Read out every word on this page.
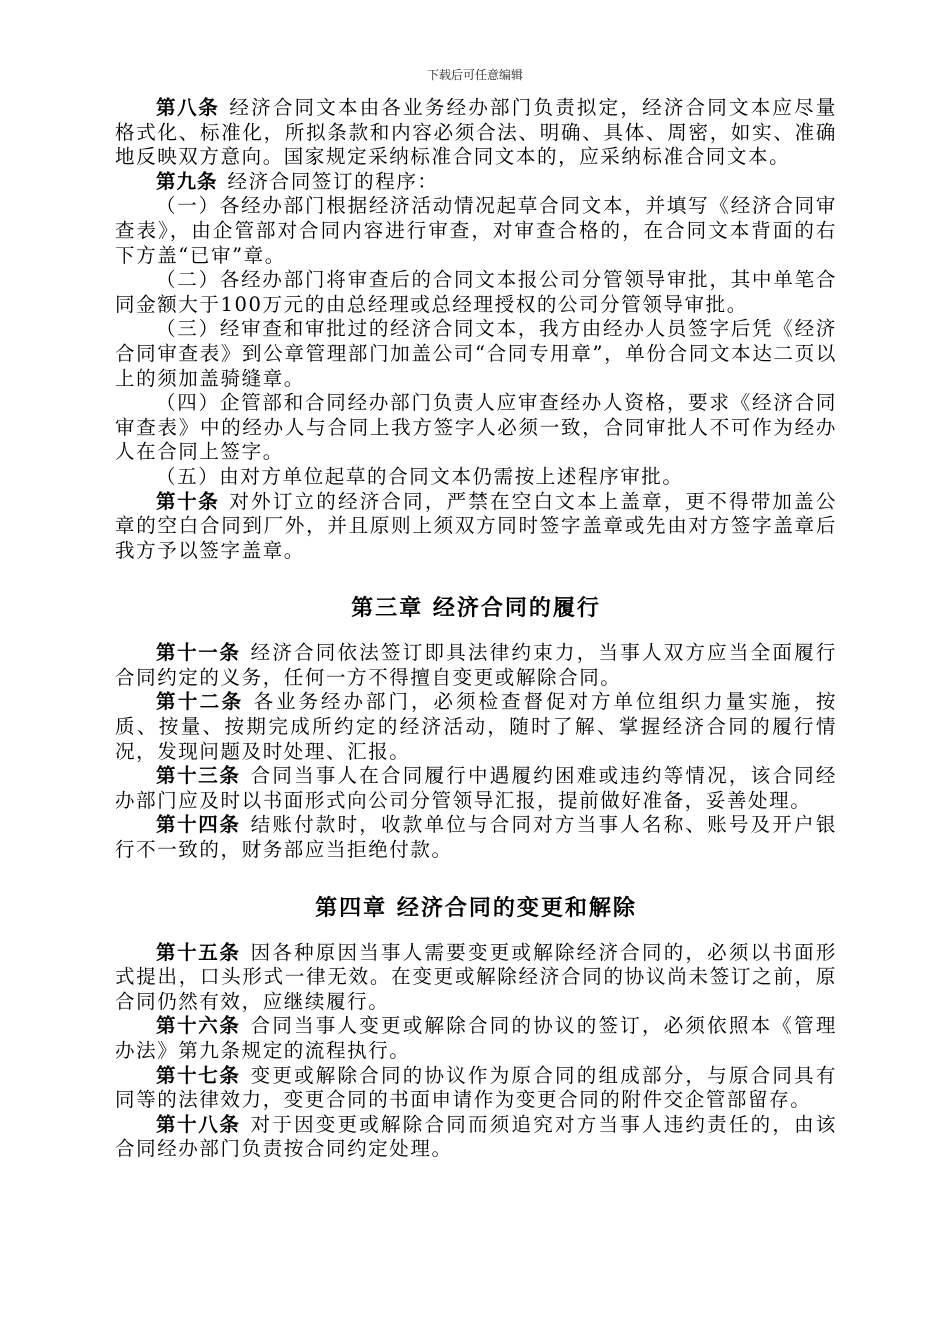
下载后可任意编辑

第八条 经济合同文本由各业务经办部门负责拟定，经济合同文本应尽量格式化、标准化，所拟条款和内容必须合法、明确、具体、周密，如实、准确地反映双方意向。国家规定采纳标准合同文本的，应采纳标准合同文本。

第九条 经济合同签订的程序：

（一）各经办部门根据经济活动情况起草合同文本，并填写《经济合同审查表》，由企管部对合同内容进行审查，对审查合格的，在合同文本背面的右下方盖“已审”章。

（二）各经办部门将审查后的合同文本报公司分管领导审批，其中单笔合同金额大于100万元的由总经理或总经理授权的公司分管领导审批。

（三）经审查和审批过的经济合同文本，我方由经办人员签字后凭《经济合同审查表》到公章管理部门加盖公司“合同专用章”，单份合同文本达二页以上的须加盖骑缝章。

（四）企管部和合同经办部门负责人应审查经办人资格，要求《经济合同审查表》中的经办人与合同上我方签字人必须一致，合同审批人不可作为经办人在合同上签字。

（五）由对方单位起草的合同文本仍需按上述程序审批。

第十条 对外订立的经济合同，严禁在空白文本上盖章，更不得带加盖公章的空白合同到厂外，并且原则上须双方同时签字盖章或先由对方签字盖章后我方予以签字盖章。

第三章 经济合同的履行

第十一条 经济合同依法签订即具法律约束力，当事人双方应当全面履行合同约定的义务，任何一方不得擅自变更或解除合同。

第十二条 各业务经办部门，必须检查督促对方单位组织力量实施，按质、按量、按期完成所约定的经济活动，随时了解、掌握经济合同的履行情况，发现问题及时处理、汇报。

第十三条 合同当事人在合同履行中遇履约困难或违约等情况，该合同经办部门应及时以书面形式向公司分管领导汇报，提前做好准备，妥善处理。

第十四条 结账付款时，收款单位与合同对方当事人名称、账号及开户银行不一致的，财务部应当拒绝付款。

第四章 经济合同的变更和解除

第十五条 因各种原因当事人需要变更或解除经济合同的，必须以书面形式提出，口头形式一律无效。在变更或解除经济合同的协议尚未签订之前，原合同仍然有效，应继续履行。

第十六条 合同当事人变更或解除合同的协议的签订，必须依照本《管理办法》第九条规定的流程执行。

第十七条 变更或解除合同的协议作为原合同的组成部分，与原合同具有同等的法律效力，变更合同的书面申请作为变更合同的附件交企管部留存。

第十八条 对于因变更或解除合同而须追究对方当事人违约责任的，由该合同经办部门负责按合同约定处理。
